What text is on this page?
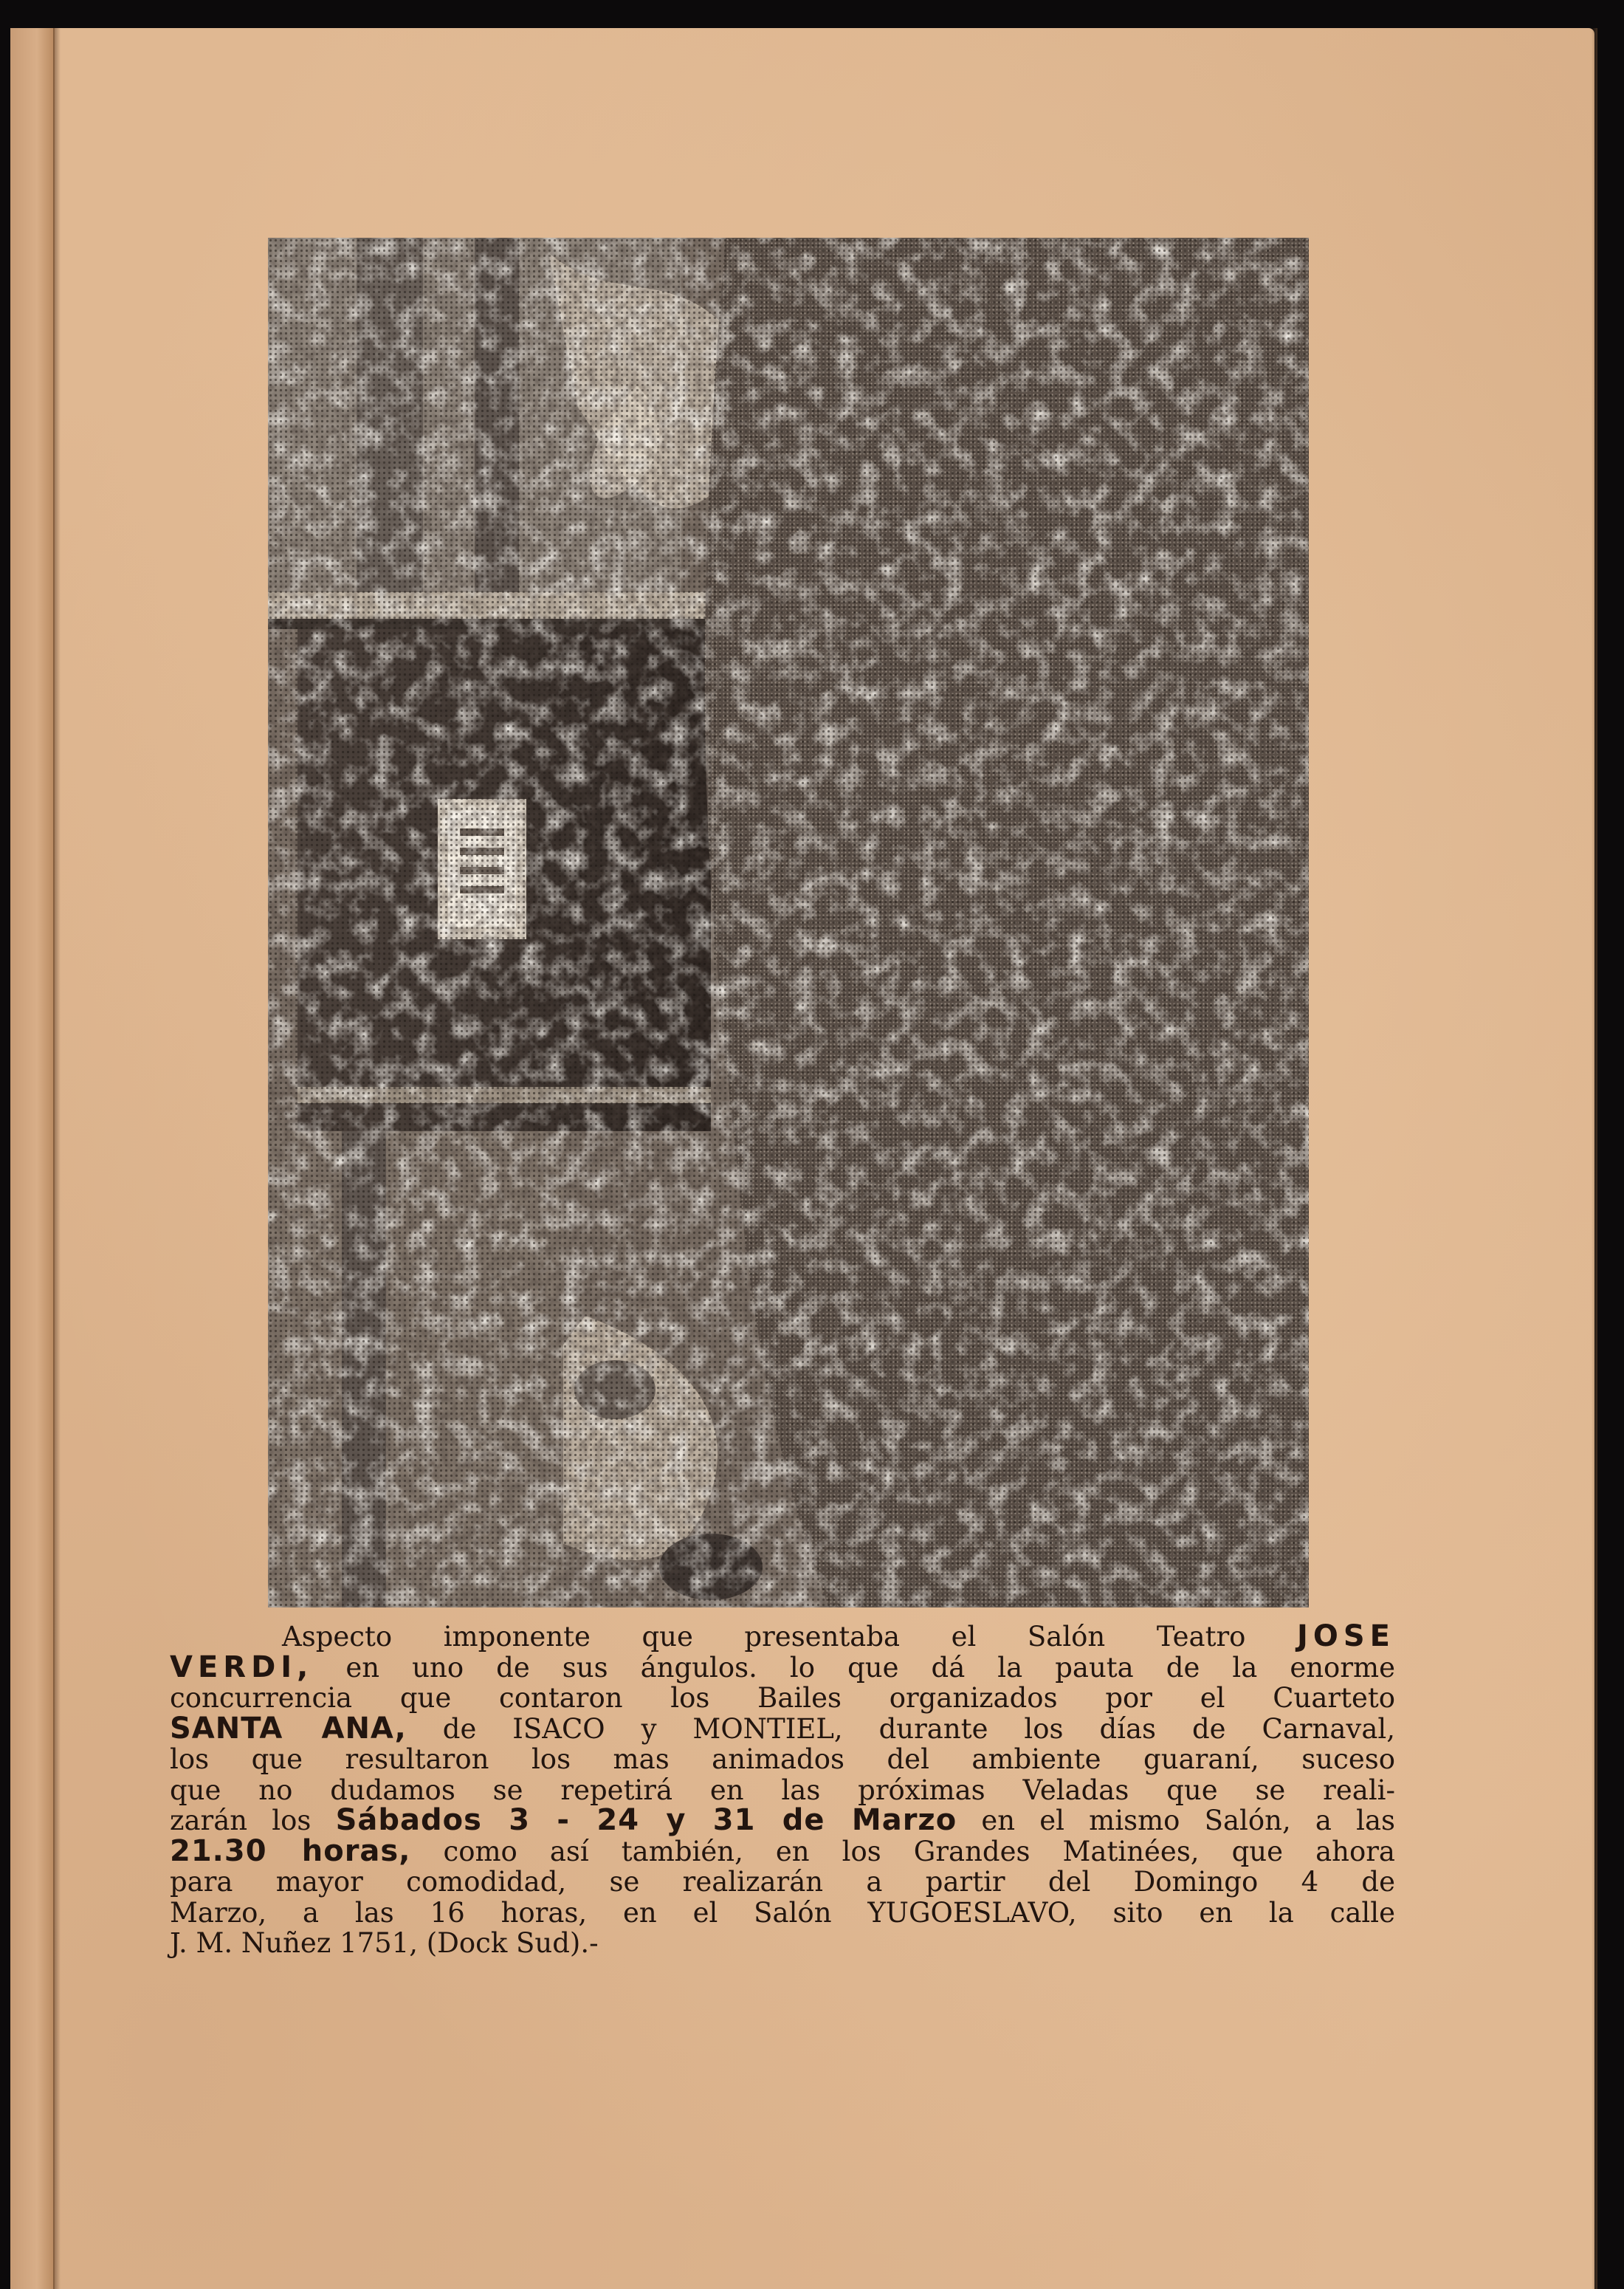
Aspecto imponente que presentaba el Salón Teatro JOSE
VERDI, en uno de sus ángulos. lo que dá la pauta de la enorme
concurrencia que contaron los Bailes organizados por el Cuarteto
SANTA ANA, de ISACO y MONTIEL, durante los días de Carnaval,
los que resultaron los mas animados del ambiente guaraní, suceso
que no dudamos se repetirá en las próximas Veladas que se reali-
zarán los Sábados 3 - 24 y 31 de Marzo en el mismo Salón, a las
21.30 horas, como así también, en los Grandes Matinées, que ahora
para mayor comodidad, se realizarán a partir del Domingo 4 de
Marzo, a las 16 horas, en el Salón YUGOESLAVO, sito en la calle
J. M. Nuñez 1751, (Dock Sud).-
